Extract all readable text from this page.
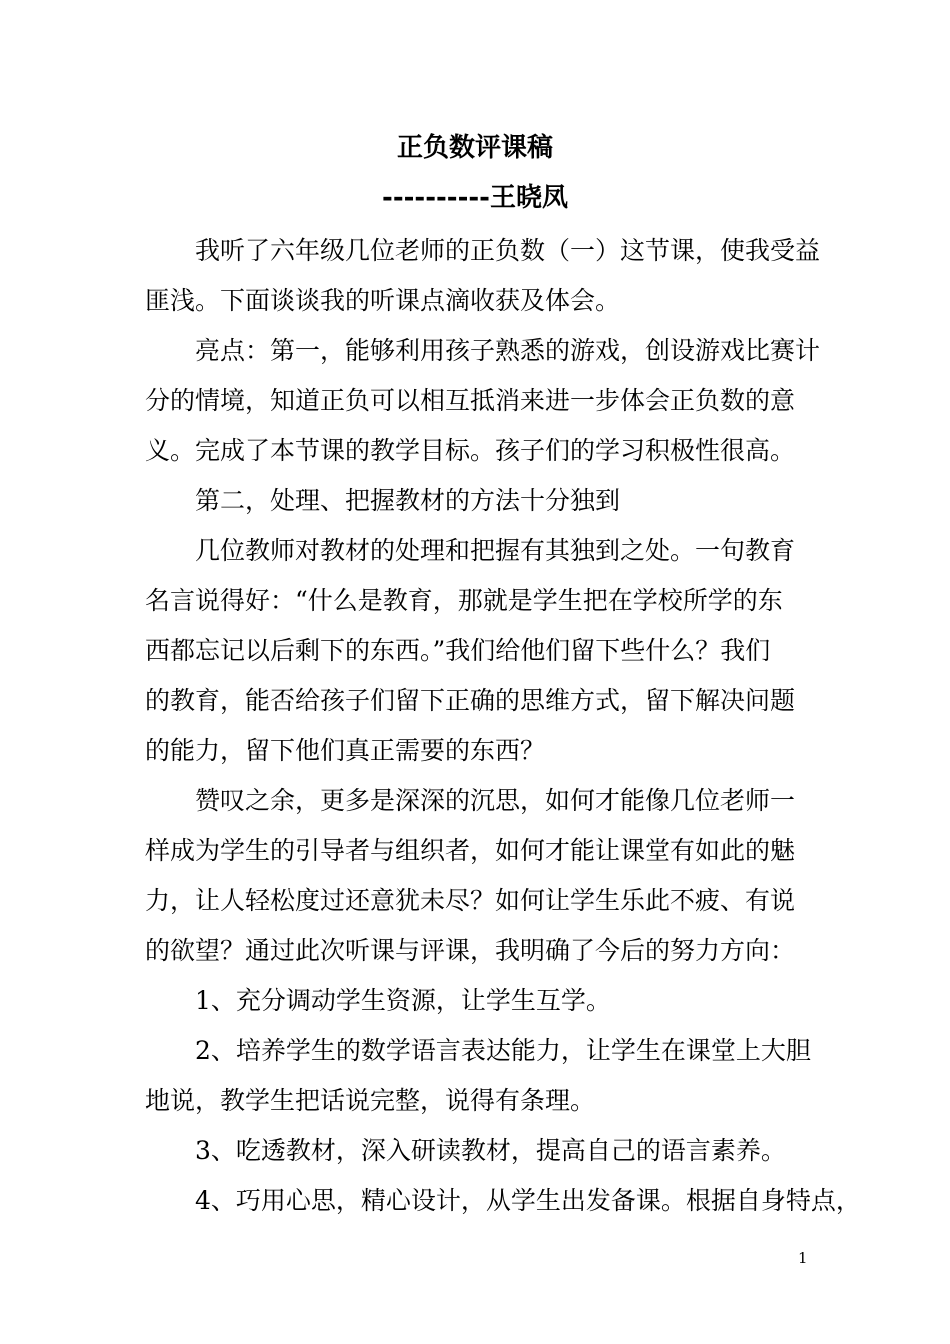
正负数评课稿
----------王晓凤
我听了六年级几位老师的正负数（一）这节课，使我受益
匪浅。下面谈谈我的听课点滴收获及体会。
亮点：第一，能够利用孩子熟悉的游戏，创设游戏比赛计
分的情境，知道正负可以相互抵消来进一步体会正负数的意
义。完成了本节课的教学目标。孩子们的学习积极性很高。
第二，处理、把握教材的方法十分独到
几位教师对教材的处理和把握有其独到之处。一句教育
名言说得好：“什么是教育，那就是学生把在学校所学的东
西都忘记以后剩下的东西。”我们给他们留下些什么？我们
的教育，能否给孩子们留下正确的思维方式，留下解决问题
的能力，留下他们真正需要的东西？
赞叹之余，更多是深深的沉思，如何才能像几位老师一
样成为学生的引导者与组织者，如何才能让课堂有如此的魅
力，让人轻松度过还意犹未尽？如何让学生乐此不疲、有说
的欲望？通过此次听课与评课，我明确了今后的努力方向：
1、充分调动学生资源，让学生互学。
2、培养学生的数学语言表达能力，让学生在课堂上大胆
地说，教学生把话说完整，说得有条理。
3、吃透教材，深入研读教材，提高自己的语言素养。
4、巧用心思，精心设计，从学生出发备课。根据自身特点，
1
